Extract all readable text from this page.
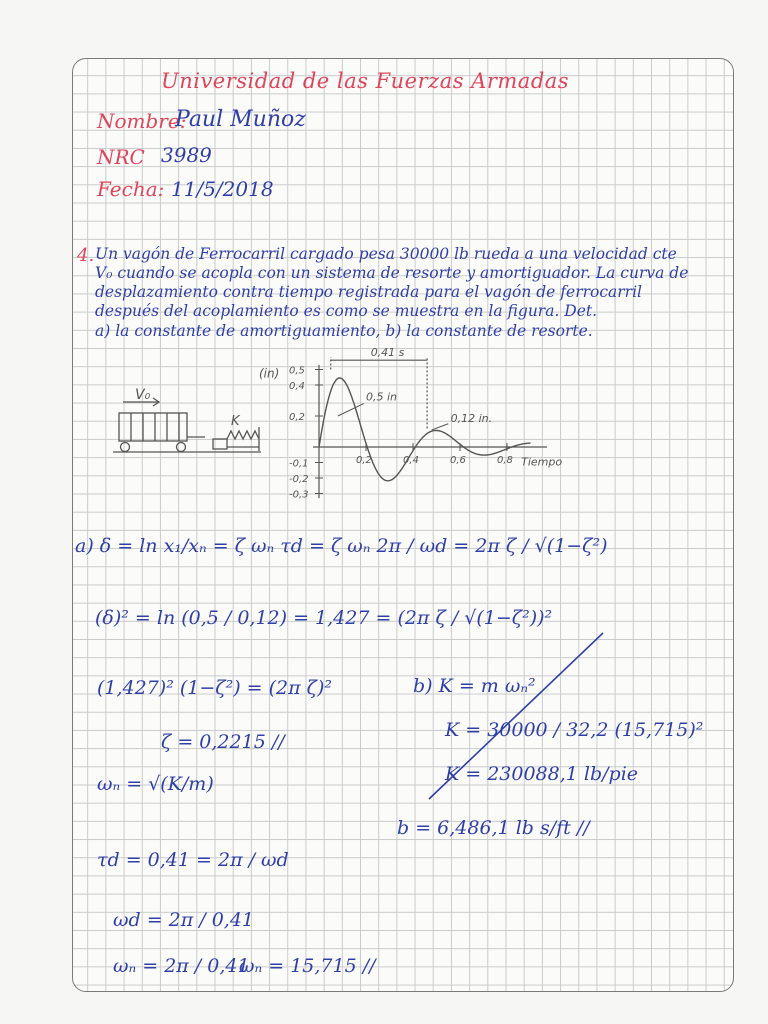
Universidad de las Fuerzas Armadas
Nombre:
Paul Muñoz
NRC 3989
Fecha: 11/5/2018
4. Un vagón de Ferrocarril cargado pesa 30000 lb rueda a una velocidad cte V₀ cuando se acopla con un sistema de resorte y amortiguador. La curva de desplazamiento contra tiempo registrada para el vagón de ferrocarril después del acoplamiento es como se muestra en la figura. Det.
a) la constante de amortiguamiento, b) la constante de resorte.
V₀
K
0,5
0,4
0,2
-0,1
-0,2
-0,3
0,2	0,4	0,6	0,8
(in)
Tiempo
0,41 s
0,5 in
0,12 in.
a) δ = ln x₁/xₙ = ζ ωₙ τd = ζ ωₙ 2π / ωd = 2π ζ / √(1−ζ²)
(δ)² = ln (0,5 / 0,12) = 1,427 = (2π ζ / √(1−ζ²))²
(1,427)² (1−ζ²) = (2π ζ)²
ζ = 0,2215 //
ωₙ = √(K/m)
τd = 0,41 = 2π / ωd
ωd = 2π / 0,41
ωₙ = 2π / 0,41
ωₙ = 15,715 //
b) K = m ωₙ²
K = 30000 / 32,2 (15,715)²
K = 230088,1 lb/pie
b = 6,486,1 lb s/ft //
